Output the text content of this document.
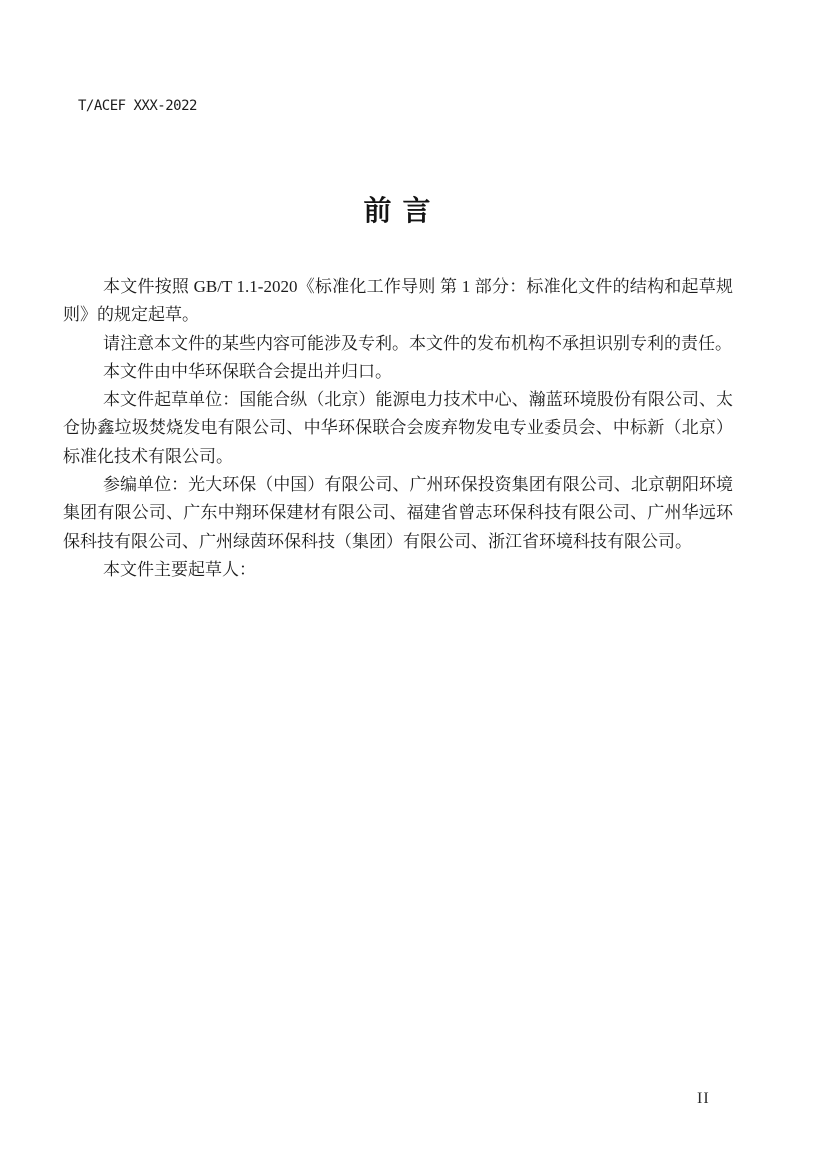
T/ACEF XXX-2022
前 言

本文件按照 GB/T 1.1-2020《标准化工作导则 第 1 部分：标准化文件的结构和起草规则》的规定起草。

请注意本文件的某些内容可能涉及专利。本文件的发布机构不承担识别专利的责任。

本文件由中华环保联合会提出并归口。

本文件起草单位：国能合纵（北京）能源电力技术中心、瀚蓝环境股份有限公司、太仓协鑫垃圾焚烧发电有限公司、中华环保联合会废弃物发电专业委员会、中标新（北京）标准化技术有限公司。

参编单位：光大环保（中国）有限公司、广州环保投资集团有限公司、北京朝阳环境集团有限公司、广东中翔环保建材有限公司、福建省曾志环保科技有限公司、广州华远环保科技有限公司、广州绿茵环保科技（集团）有限公司、浙江省环境科技有限公司。

本文件主要起草人：

II
